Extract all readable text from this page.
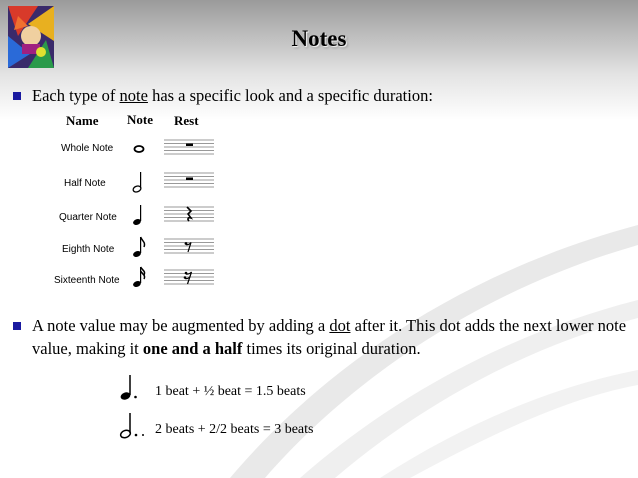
Notes
Each type of note has a specific look and a specific duration:
Name Note Rest
Whole Note
Half Note
Quarter Note
Eighth Note
Sixteenth Note
A note value may be augmented by adding a dot after it. This dot adds the next lower note value, making it one and a half times its original duration.
1 beat + ½ beat = 1.5 beats
2 beats + 2/2 beats = 3 beats
